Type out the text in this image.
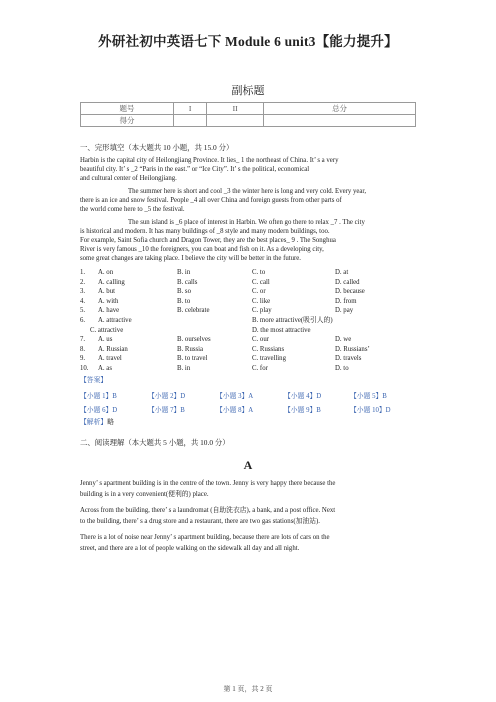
外研社初中英语七下 Module 6 unit3【能力提升】
副标题
题号	I	II	总分
得分			
一、完形填空（本大题共 10 小题，共 15.0 分）
Harbin is the capital city of Heilongjiang Province. It lies_ 1 the northeast of China. It’ s a very
beautiful city. It’ s _2 “Paris in the east.” or “Ice City”. It’ s the political, economical
and cultural center of Heilongjiang.
The summer here is short and cool _3 the winter here is long and very cold. Every year,
there is an ice and snow festival. People _4 all over China and foreign guests from other parts of
the world come here to _5 the festival.
The sun island is _6 place of interest in Harbin. We often go there to relax _7 . The city
is historical and modern. It has many buildings of _8 style and many modern buildings, too.
For example, Saint Sofia church and Dragon Tower, they are the best places_ 9 . The Songhua
River is very famous _10 the foreigners, you can boat and fish on it. As a developing city,
some great changes are taking place. I believe the city will be better in the future.
1. A. on	B. in	C. to	D. at
2. A. calling	B. calls	C. call	D. called
3. A. but	B. so	C. or	D. because
4. A. with	B. to	C. like	D. from
5. A. have	B. celebrate	C. play	D. pay
6. A. attractive	B. more attractive(吸引人的)
C. attractive	D. the most attractive
7. A. us	B. ourselves	C. our	D. we
8. A. Russian	B. Russia	C. Russians	D. Russians’
9. A. travel	B. to travel	C. travelling	D. travels
10. A. as	B. in	C. for	D. to
【答案】
【小题 1】B	【小题 2】D	【小题 3】A	【小题 4】D	【小题 5】B
【小题 6】D	【小题 7】B	【小题 8】A	【小题 9】B	【小题 10】D
【解析】略
二、阅读理解（本大题共 5 小题，共 10.0 分）
A
Jenny’ s apartment building is in the centre of the town. Jenny is very happy there because the
building is in a very convenient(便利的) place.
Across from the building, there’ s a laundromat (自助洗衣店), a bank, and a post office. Next
to the building, there’ s a drug store and a restaurant, there are two gas stations(加油站).
There is a lot of noise near Jenny’ s apartment building, because there are lots of cars on the
street, and there are a lot of people walking on the sidewalk all day and all night.
第 1 页，共 2 页
